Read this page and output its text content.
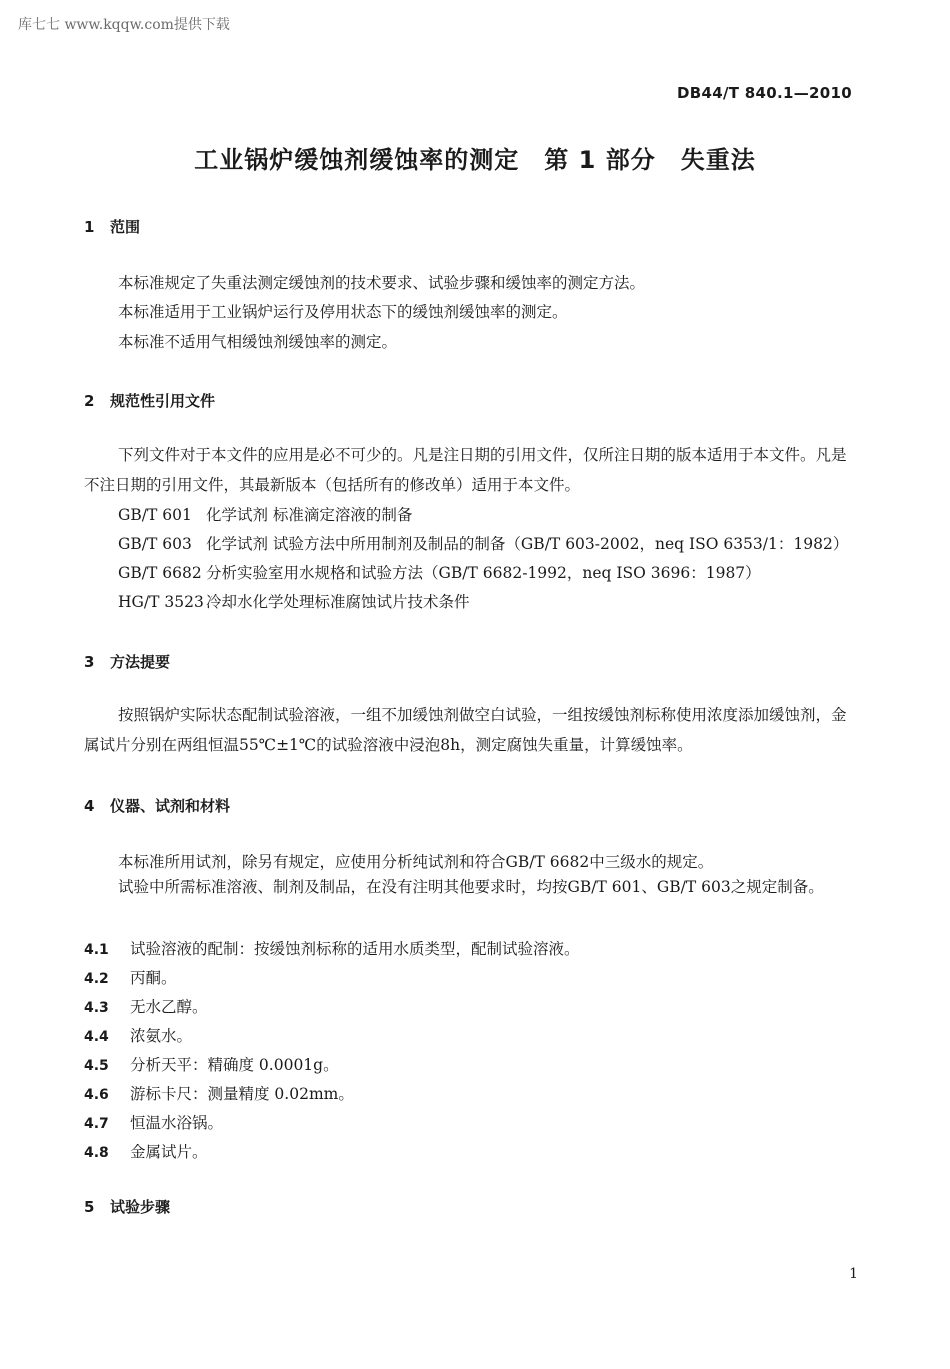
库七七 www.kqqw.com提供下载
DB44/T 840.1—2010
工业锅炉缓蚀剂缓蚀率的测定　第 1 部分　失重法
1 范围
本标准规定了失重法测定缓蚀剂的技术要求、试验步骤和缓蚀率的测定方法。
本标准适用于工业锅炉运行及停用状态下的缓蚀剂缓蚀率的测定。
本标准不适用气相缓蚀剂缓蚀率的测定。
2 规范性引用文件
下列文件对于本文件的应用是必不可少的。凡是注日期的引用文件，仅所注日期的版本适用于本文件。凡是不注日期的引用文件，其最新版本（包括所有的修改单）适用于本文件。
GB/T 601 化学试剂 标准滴定溶液的制备
GB/T 603 化学试剂 试验方法中所用制剂及制品的制备（GB/T 603-2002，neq ISO 6353/1：1982）
GB/T 6682 分析实验室用水规格和试验方法（GB/T 6682-1992，neq ISO 3696：1987）
HG/T 3523 冷却水化学处理标准腐蚀试片技术条件
3 方法提要
按照锅炉实际状态配制试验溶液，一组不加缓蚀剂做空白试验，一组按缓蚀剂标称使用浓度添加缓蚀剂，金属试片分别在两组恒温55℃±1℃的试验溶液中浸泡8h，测定腐蚀失重量，计算缓蚀率。
4 仪器、试剂和材料
本标准所用试剂，除另有规定，应使用分析纯试剂和符合GB/T 6682中三级水的规定。
试验中所需标准溶液、制剂及制品，在没有注明其他要求时，均按GB/T 601、GB/T 603之规定制备。
4.1 试验溶液的配制：按缓蚀剂标称的适用水质类型，配制试验溶液。
4.2 丙酮。
4.3 无水乙醇。
4.4 浓氨水。
4.5 分析天平：精确度 0.0001g。
4.6 游标卡尺：测量精度 0.02mm。
4.7 恒温水浴锅。
4.8 金属试片。
5 试验步骤
1
